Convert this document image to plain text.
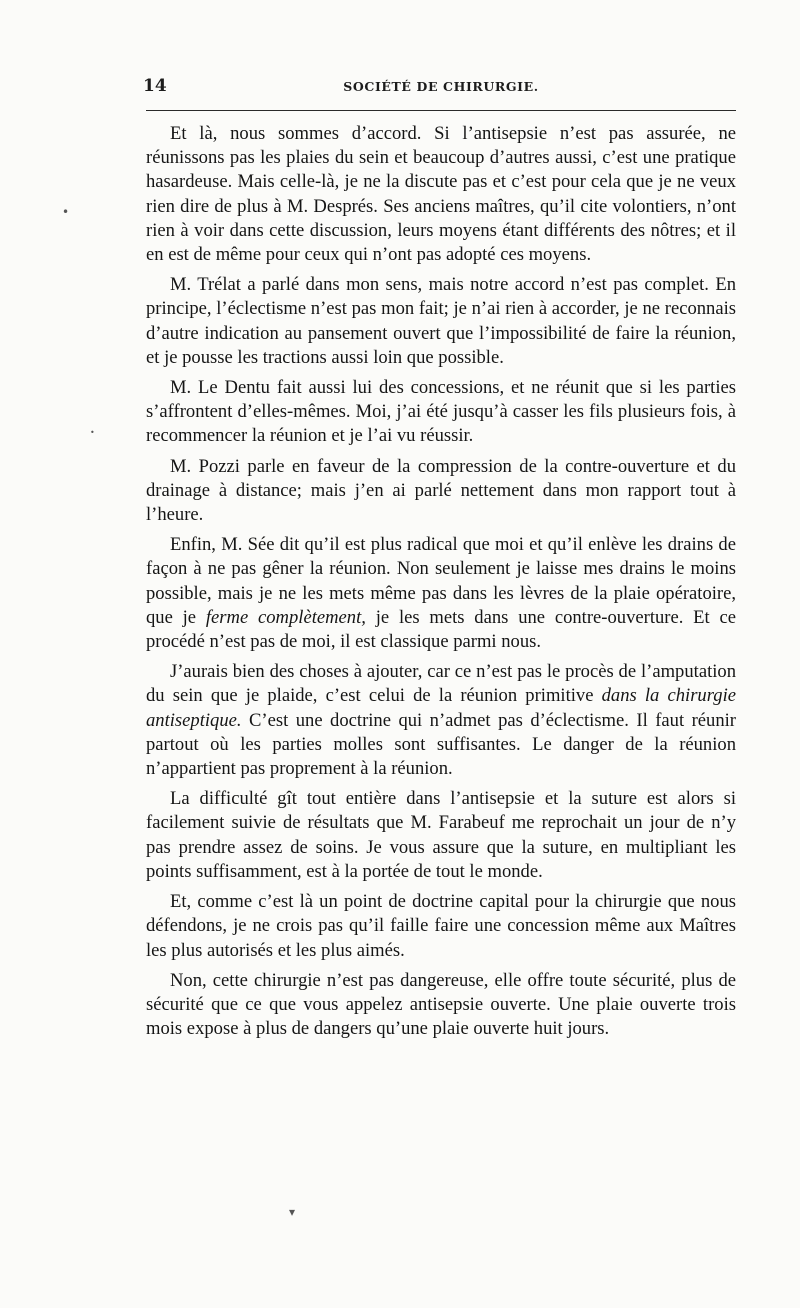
14	SOCIÉTÉ DE CHIRURGIE.

Et là, nous sommes d’accord. Si l’antisepsie n’est pas assurée, ne réunissons pas les plaies du sein et beaucoup d’autres aussi, c’est une pratique hasardeuse. Mais celle-là, je ne la discute pas et c’est pour cela que je ne veux rien dire de plus à M. Després. Ses anciens maîtres, qu’il cite volontiers, n’ont rien à voir dans cette discussion, leurs moyens étant différents des nôtres; et il en est de même pour ceux qui n’ont pas adopté ces moyens.

M. Trélat a parlé dans mon sens, mais notre accord n’est pas complet. En principe, l’éclectisme n’est pas mon fait; je n’ai rien à accorder, je ne reconnais d’autre indication au pansement ouvert que l’impossibilité de faire la réunion, et je pousse les tractions aussi loin que possible.

M. Le Dentu fait aussi lui des concessions, et ne réunit que si les parties s’affrontent d’elles-mêmes. Moi, j’ai été jusqu’à casser les fils plusieurs fois, à recommencer la réunion et je l’ai vu réussir.

M. Pozzi parle en faveur de la compression de la contre-ouverture et du drainage à distance; mais j’en ai parlé nettement dans mon rapport tout à l’heure.

Enfin, M. Sée dit qu’il est plus radical que moi et qu’il enlève les drains de façon à ne pas gêner la réunion. Non seulement je laisse mes drains le moins possible, mais je ne les mets même pas dans les lèvres de la plaie opératoire, que je ferme complètement, je les mets dans une contre-ouverture. Et ce procédé n’est pas de moi, il est classique parmi nous.

J’aurais bien des choses à ajouter, car ce n’est pas le procès de l’amputation du sein que je plaide, c’est celui de la réunion primitive dans la chirurgie antiseptique. C’est une doctrine qui n’admet pas d’éclectisme. Il faut réunir partout où les parties molles sont suffisantes. Le danger de la réunion n’appartient pas proprement à la réunion.

La difficulté gît tout entière dans l’antisepsie et la suture est alors si facilement suivie de résultats que M. Farabeuf me reprochait un jour de n’y pas prendre assez de soins. Je vous assure que la suture, en multipliant les points suffisamment, est à la portée de tout le monde.

Et, comme c’est là un point de doctrine capital pour la chirurgie que nous défendons, je ne crois pas qu’il faille faire une concession même aux Maîtres les plus autorisés et les plus aimés.

Non, cette chirurgie n’est pas dangereuse, elle offre toute sécurité, plus de sécurité que ce que vous appelez antisepsie ouverte. Une plaie ouverte trois mois expose à plus de dangers qu’une plaie ouverte huit jours.

•
•
▾
